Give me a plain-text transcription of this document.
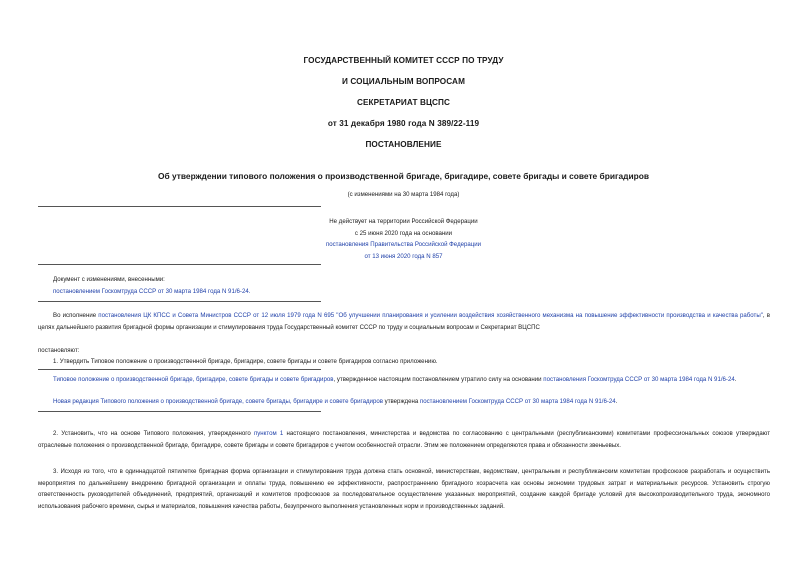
ГОСУДАРСТВЕННЫЙ КОМИТЕТ СССР ПО ТРУДУ
И СОЦИАЛЬНЫМ ВОПРОСАМ
СЕКРЕТАРИАТ ВЦСПС
от 31 декабря 1980 года N 389/22-119
ПОСТАНОВЛЕНИЕ
Об утверждении типового положения о производственной бригаде, бригадире, совете бригады и совете бригадиров
(с изменениями на 30 марта 1984 года)
Не действует на территории Российской Федерации
с 25 июня 2020 года на основании
постановления Правительства Российской Федерации
от 13 июня 2020 года N 857
Документ с изменениями, внесенными:
постановлением Госкомтруда СССР от 30 марта 1984 года N 91/6-24.

Во исполнение постановления ЦК КПСС и Совета Министров СССР от 12 июля 1979 года N 695 "Об улучшении планирования и усилении воздействия хозяйственного механизма на повышение эффективности производства и качества работы", в целях дальнейшего развития бригадной формы организации и стимулирования труда Государственный комитет СССР по труду и социальным вопросам и Секретариат ВЦСПС

постановляют:
1. Утвердить Типовое положение о производственной бригаде, бригадире, совете бригады и совете бригадиров согласно приложению.

Типовое положение о производственной бригаде, бригадире, совете бригады и совете бригадиров, утвержденное настоящим постановлением утратило силу на основании постановления Госкомтруда СССР от 30 марта 1984 года N 91/6-24.

Новая редакция Типового положения о производственной бригаде, совете бригады, бригадире и совете бригадиров утверждена постановлением Госкомтруда СССР от 30 марта 1984 года N 91/6-24.

2. Установить, что на основе Типового положения, утвержденного пунктом 1 настоящего постановления, министерства и ведомства по согласованию с центральными (республиканскими) комитетами профессиональных союзов утверждают отраслевые положения о производственной бригаде, бригадире, совете бригады и совете бригадиров с учетом особенностей отрасли. Этим же положением определяются права и обязанности звеньевых.

3. Исходя из того, что в одиннадцатой пятилетке бригадная форма организации и стимулирования труда должна стать основной, министерствам, ведомствам, центральным и республиканским комитетам профсоюзов разработать и осуществить мероприятия по дальнейшему внедрению бригадной организации и оплаты труда, повышению ее эффективности, распространению бригадного хозрасчета как основы экономии трудовых затрат и материальных ресурсов. Установить строгую ответственность руководителей объединений, предприятий, организаций и комитетов профсоюзов за последовательное осуществление указанных мероприятий, создание каждой бригаде условий для высокопроизводительного труда, экономного использования рабочего времени, сырья и материалов, повышения качества работы, безупречного выполнения установленных норм и производственных заданий.
